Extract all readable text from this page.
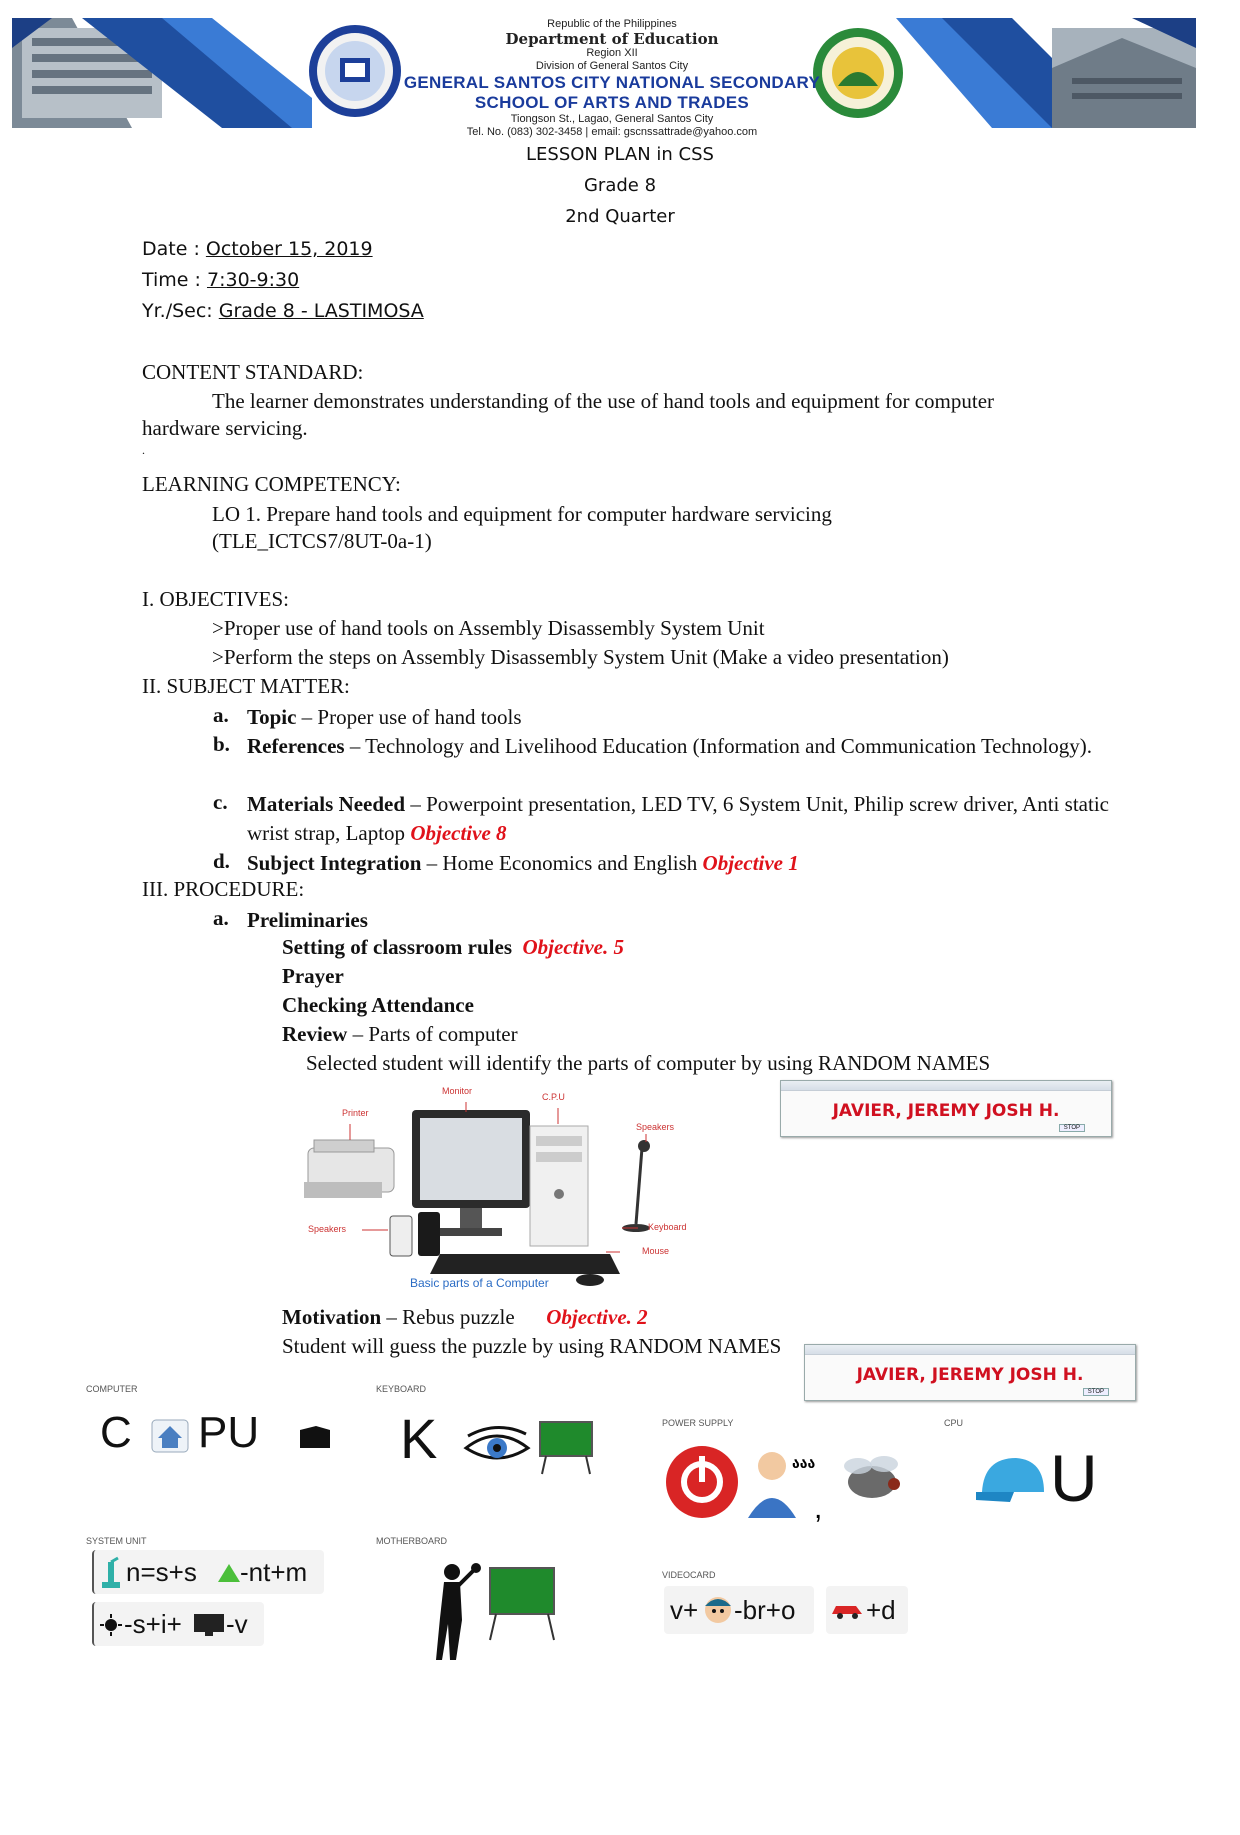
Republic of the Philippines
Department of Education
Region XII
Division of General Santos City
GENERAL SANTOS CITY NATIONAL SECONDARY
SCHOOL OF ARTS AND TRADES
Tiongson St., Lagao, General Santos City
Tel. No. (083) 302-3458 | email: gscnssattrade@yahoo.com
LESSON PLAN in CSS
Grade 8
2nd Quarter
Date : October 15, 2019
Time : 7:30-9:30
Yr./Sec: Grade 8 - LASTIMOSA
CONTENT STANDARD:
The learner demonstrates understanding of the use of hand tools and equipment for computer
hardware servicing.
.
LEARNING COMPETENCY:
LO 1. Prepare hand tools and equipment for computer hardware servicing
(TLE_ICTCS7/8UT-0a-1)
I. OBJECTIVES:
>Proper use of hand tools on Assembly Disassembly System Unit
>Perform the steps on Assembly Disassembly System Unit (Make a video presentation)
II. SUBJECT MATTER:
a. Topic – Proper use of hand tools
b. References – Technology and Livelihood Education (Information and Communication Technology).
c. Materials Needed – Powerpoint presentation, LED TV, 6 System Unit, Philip screw driver, Anti static wrist strap, Laptop Objective 8
d. Subject Integration – Home Economics and English Objective 1
III. PROCEDURE:
a. Preliminaries
Setting of classroom rules Objective. 5
Prayer
Checking Attendance
Review – Parts of computer
Selected student will identify the parts of computer by using RANDOM NAMES
JAVIER, JEREMY JOSH H.
STOP
Printer
Monitor
C.P.U
Speakers
Speakers	Keyboard
Mouse
Basic parts of a Computer
Motivation – Rebus puzzle Objective. 2
Student will guess the puzzle by using RANDOM NAMES
JAVIER, JEREMY JOSH H.
STOP
COMPUTER
C PU
KEYBOARD
K	POWER SUPPLY
ააა
,
CPU
U
SYSTEM UNIT
n=s+s -nt+m
-s+i+ -v
MOTHERBOARD
VIDEOCARD
v+ -br+o	+d
